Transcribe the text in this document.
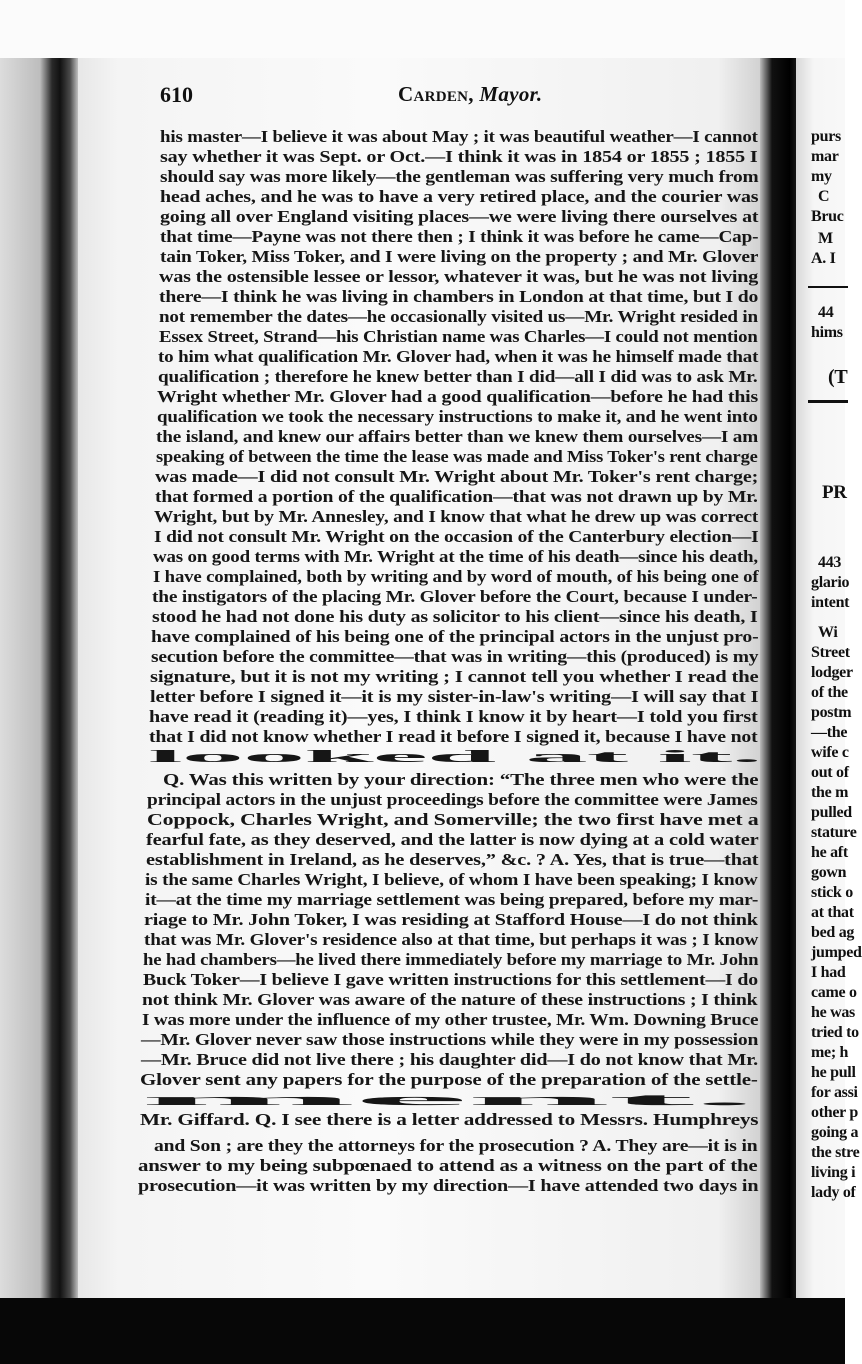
purs
mar
my
C
Bruc
M
A. I
44
hims
(T
PR
443
glario
intent
Wi
Street
lodger
of the
postm
—the
wife c
out of
the m
pulled
stature
he aft
gown
stick o
at that
bed ag
jumped
I had
came o
he was
tried to
me; h
he pull
for assi
other p
going a
the stre
living i
lady of
610	Carden, Mayor.
his master—I believe it was about May ; it was beautiful weather—I cannot
say whether it was Sept. or Oct.—I think it was in 1854 or 1855 ; 1855 I
should say was more likely—the gentleman was suffering very much from
head aches, and he was to have a very retired place, and the courier was
going all over England visiting places—we were living there ourselves at
that time—Payne was not there then ; I think it was before he came—Cap-
tain Toker, Miss Toker, and I were living on the property ; and Mr. Glover
was the ostensible lessee or lessor, whatever it was, but he was not living
there—I think he was living in chambers in London at that time, but I do
not remember the dates—he occasionally visited us—Mr. Wright resided in
Essex Street, Strand—his Christian name was Charles—I could not mention
to him what qualification Mr. Glover had, when it was he himself made that
qualification ; therefore he knew better than I did—all I did was to ask Mr.
Wright whether Mr. Glover had a good qualification—before he had this
qualification we took the necessary instructions to make it, and he went into
the island, and knew our affairs better than we knew them ourselves—I am
speaking of between the time the lease was made and Miss Toker's rent charge
was made—I did not consult Mr. Wright about Mr. Toker's rent charge;
that formed a portion of the qualification—that was not drawn up by Mr.
Wright, but by Mr. Annesley, and I know that what he drew up was correct
I did not consult Mr. Wright on the occasion of the Canterbury election—I
was on good terms with Mr. Wright at the time of his death—since his death,
I have complained, both by writing and by word of mouth, of his being one of
the instigators of the placing Mr. Glover before the Court, because I under-
stood he had not done his duty as solicitor to his client—since his death, I
have complained of his being one of the principal actors in the unjust pro-
secution before the committee—that was in writing—this (produced) is my
signature, but it is not my writing ; I cannot tell you whether I read the
letter before I signed it—it is my sister-in-law's writing—I will say that I
have read it (reading it)—yes, I think I know it by heart—I told you first
that I did not know whether I read it before I signed it, because I have not
looked at it.
Q. Was this written by your direction: “The three men who were the
principal actors in the unjust proceedings before the committee were James
Coppock, Charles Wright, and Somerville; the two first have met a
fearful fate, as they deserved, and the latter is now dying at a cold water
establishment in Ireland, as he deserves,” &c. ? A. Yes, that is true—that
is the same Charles Wright, I believe, of whom I have been speaking; I know
it—at the time my marriage settlement was being prepared, before my mar-
riage to Mr. John Toker, I was residing at Stafford House—I do not think
that was Mr. Glover's residence also at that time, but perhaps it was ; I know
he had chambers—he lived there immediately before my marriage to Mr. John
Buck Toker—I believe I gave written instructions for this settlement—I do
not think Mr. Glover was aware of the nature of these instructions ; I think
I was more under the influence of my other trustee, Mr. Wm. Downing Bruce
—Mr. Glover never saw those instructions while they were in my possession
—Mr. Bruce did not live there ; his daughter did—I do not know that Mr.
Glover sent any papers for the purpose of the preparation of the settle-
ment.
Mr. Giffard. Q. I see there is a letter addressed to Messrs. Humphreys
and Son ; are they the attorneys for the prosecution ? A. They are—it is in
answer to my being subpœnaed to attend as a witness on the part of the
prosecution—it was written by my direction—I have attended two days in
